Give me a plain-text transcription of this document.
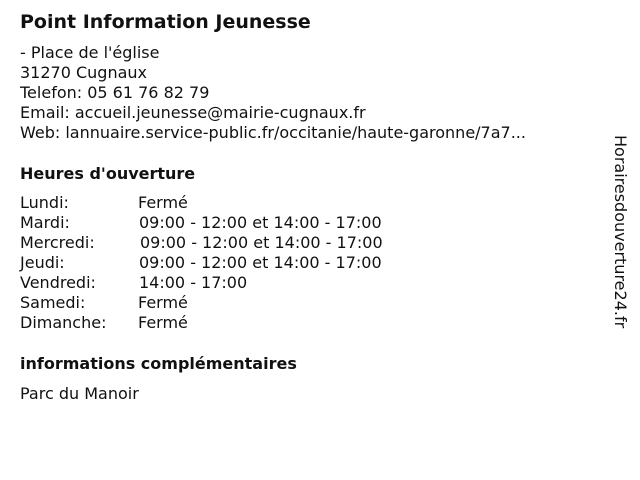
Point Information Jeunesse
- Place de l'église
31270 Cugnaux
Telefon: 05 61 76 82 79
Email: accueil.jeunesse@mairie-cugnaux.fr
Web: lannuaire.service-public.fr/occitanie/haute-garonne/7a7...
Heures d'ouverture
Lundi:	Fermé
Mardi:	09:00 - 12:00 et 14:00 - 17:00
Mercredi:	09:00 - 12:00 et 14:00 - 17:00
Jeudi:	09:00 - 12:00 et 14:00 - 17:00
Vendredi:	14:00 - 17:00
Samedi:	Fermé
Dimanche: Fermé
informations complémentaires
Parc du Manoir
Horairesdouverture24.fr
